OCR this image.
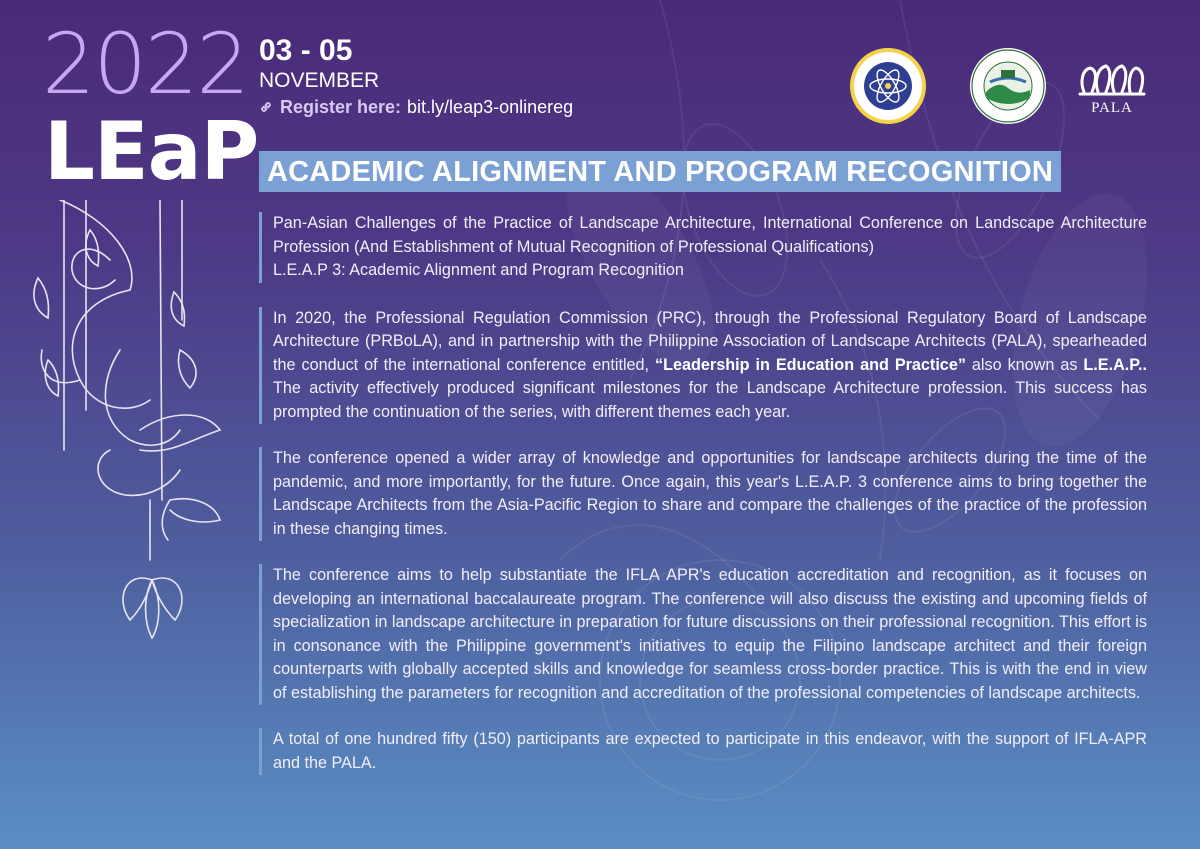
2022
LEaP
03 - 05
NOVEMBER
Register here: bit.ly/leap3-onlinereg	PALA
ACADEMIC ALIGNMENT AND PROGRAM RECOGNITION
Pan-Asian Challenges of the Practice of Landscape Architecture, International Conference on Landscape Architecture Profession (And Establishment of Mutual Recognition of Professional Qualifications)
L.E.A.P 3: Academic Alignment and Program Recognition
In 2020, the Professional Regulation Commission (PRC), through the Professional Regulatory Board of Landscape Architecture (PRBoLA), and in partnership with the Philippine Association of Landscape Architects (PALA), spearheaded the conduct of the international conference entitled, “Leadership in Education and Practice” also known as L.E.A.P.. The activity effectively produced significant milestones for the Landscape Architecture profession. This success has prompted the continuation of the series, with different themes each year.
The conference opened a wider array of knowledge and opportunities for landscape architects during the time of the pandemic, and more importantly, for the future. Once again, this year's L.E.A.P. 3 conference aims to bring together the Landscape Architects from the Asia-Pacific Region to share and compare the challenges of the practice of the profession in these changing times.
The conference aims to help substantiate the IFLA APR's education accreditation and recognition, as it focuses on developing an international baccalaureate program. The conference will also discuss the existing and upcoming fields of specialization in landscape architecture in preparation for future discussions on their professional recognition. This effort is in consonance with the Philippine government's initiatives to equip the Filipino landscape architect and their foreign counterparts with globally accepted skills and knowledge for seamless cross-border practice. This is with the end in view of establishing the parameters for recognition and accreditation of the professional competencies of landscape architects.
A total of one hundred fifty (150) participants are expected to participate in this endeavor, with the support of IFLA-APR and the PALA.
